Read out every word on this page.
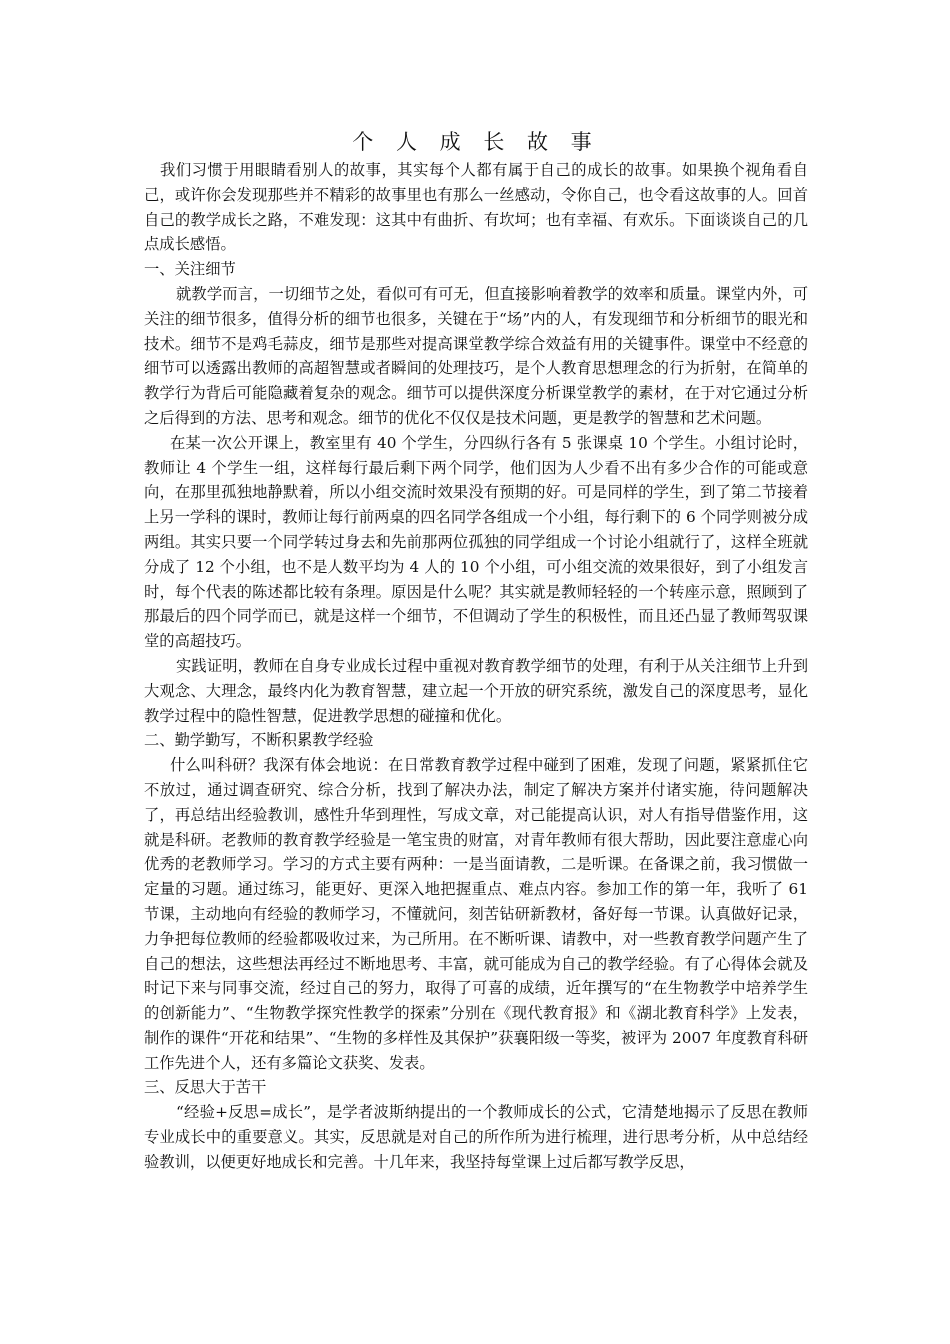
个 人 成 长 故 事

我们习惯于用眼睛看别人的故事，其实每个人都有属于自己的成长的故事。如果换个视角看自己，或许你会发现那些并不精彩的故事里也有那么一丝感动，令你自己，也令看这故事的人。回首自己的教学成长之路，不难发现：这其中有曲折、有坎坷；也有幸福、有欢乐。下面谈谈自己的几点成长感悟。

一、关注细节

就教学而言，一切细节之处，看似可有可无，但直接影响着教学的效率和质量。课堂内外，可关注的细节很多，值得分析的细节也很多，关键在于“场”内的人，有发现细节和分析细节的眼光和技术。细节不是鸡毛蒜皮，细节是那些对提高课堂教学综合效益有用的关键事件。课堂中不经意的细节可以透露出教师的高超智慧或者瞬间的处理技巧，是个人教育思想理念的行为折射，在简单的教学行为背后可能隐藏着复杂的观念。细节可以提供深度分析课堂教学的素材，在于对它通过分析之后得到的方法、思考和观念。细节的优化不仅仅是技术问题，更是教学的智慧和艺术问题。

在某一次公开课上，教室里有 40 个学生，分四纵行各有 5 张课桌 10 个学生。小组讨论时，教师让 4 个学生一组，这样每行最后剩下两个同学，他们因为人少看不出有多少合作的可能或意向，在那里孤独地静默着，所以小组交流时效果没有预期的好。可是同样的学生，到了第二节接着上另一学科的课时，教师让每行前两桌的四名同学各组成一个小组，每行剩下的 6 个同学则被分成两组。其实只要一个同学转过身去和先前那两位孤独的同学组成一个讨论小组就行了，这样全班就分成了 12 个小组，也不是人数平均为 4 人的 10 个小组，可小组交流的效果很好，到了小组发言时，每个代表的陈述都比较有条理。原因是什么呢？其实就是教师轻轻的一个转座示意，照顾到了那最后的四个同学而已，就是这样一个细节，不但调动了学生的积极性，而且还凸显了教师驾驭课堂的高超技巧。

实践证明，教师在自身专业成长过程中重视对教育教学细节的处理，有利于从关注细节上升到大观念、大理念，最终内化为教育智慧，建立起一个开放的研究系统，激发自己的深度思考，显化教学过程中的隐性智慧，促进教学思想的碰撞和优化。

二、勤学勤写，不断积累教学经验

什么叫科研？我深有体会地说：在日常教育教学过程中碰到了困难，发现了问题，紧紧抓住它不放过，通过调查研究、综合分析，找到了解决办法，制定了解决方案并付诸实施，待问题解决了，再总结出经验教训，感性升华到理性，写成文章，对己能提高认识，对人有指导借鉴作用，这就是科研。老教师的教育教学经验是一笔宝贵的财富，对青年教师有很大帮助，因此要注意虚心向优秀的老教师学习。学习的方式主要有两种：一是当面请教，二是听课。在备课之前，我习惯做一定量的习题。通过练习，能更好、更深入地把握重点、难点内容。参加工作的第一年，我听了 61 节课，主动地向有经验的教师学习，不懂就问，刻苦钻研新教材，备好每一节课。认真做好记录，力争把每位教师的经验都吸收过来，为己所用。在不断听课、请教中，对一些教育教学问题产生了自己的想法，这些想法再经过不断地思考、丰富，就可能成为自己的教学经验。有了心得体会就及时记下来与同事交流，经过自己的努力，取得了可喜的成绩，近年撰写的“在生物教学中培养学生的创新能力”、“生物教学探究性教学的探索”分别在《现代教育报》和《湖北教育科学》上发表，制作的课件“开花和结果”、“生物的多样性及其保护”获襄阳级一等奖，被评为 2007 年度教育科研工作先进个人，还有多篇论文获奖、发表。

三、反思大于苦干

“经验+反思=成长”，是学者波斯纳提出的一个教师成长的公式，它清楚地揭示了反思在教师专业成长中的重要意义。其实，反思就是对自己的所作所为进行梳理，进行思考分析，从中总结经验教训，以便更好地成长和完善。十几年来，我坚持每堂课上过后都写教学反思，
